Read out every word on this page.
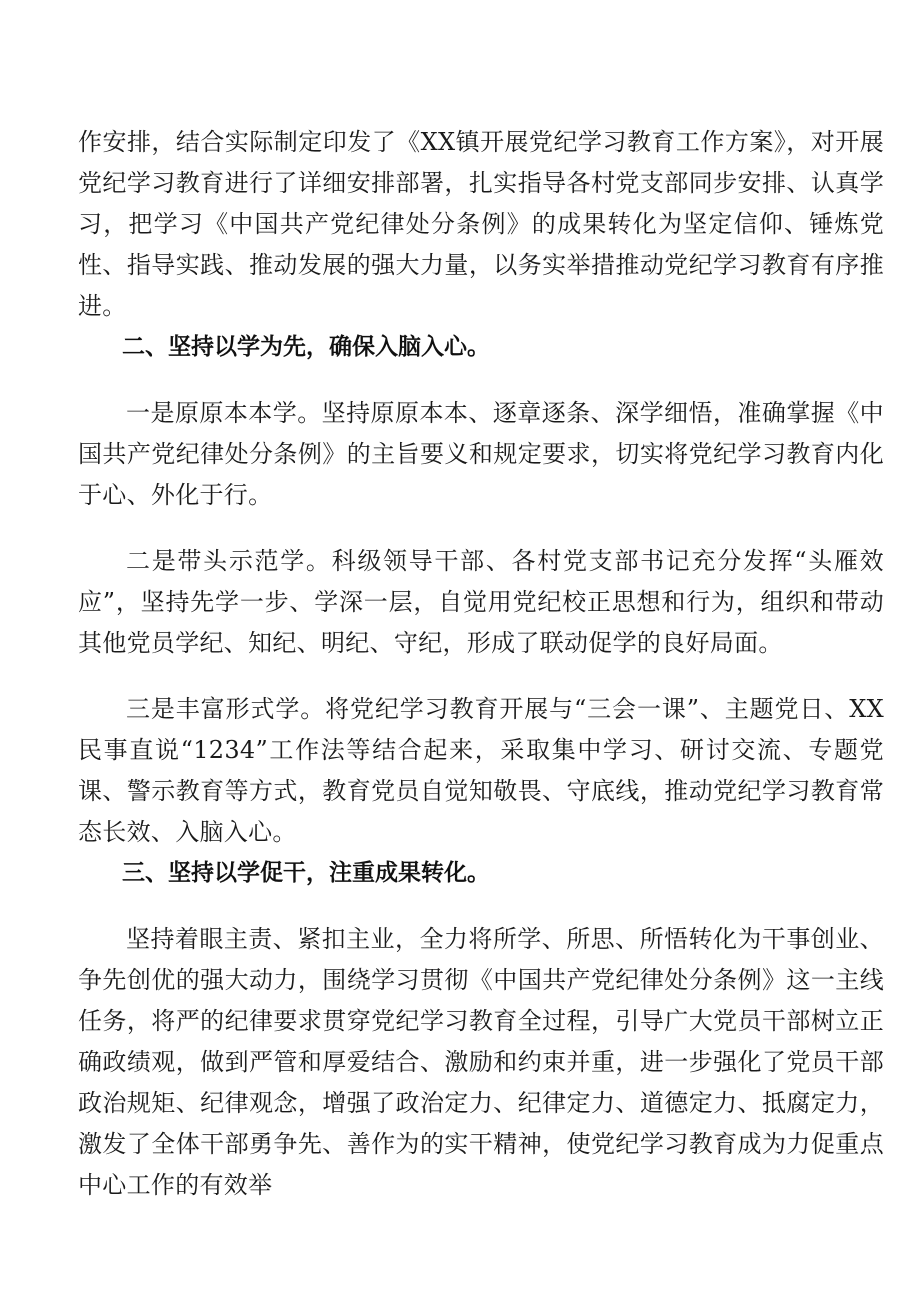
作安排，结合实际制定印发了《XX镇开展党纪学习教育工作方案》，对开展党纪学习教育进行了详细安排部署，扎实指导各村党支部同步安排、认真学习，把学习《中国共产党纪律处分条例》的成果转化为坚定信仰、锤炼党性、指导实践、推动发展的强大力量，以务实举措推动党纪学习教育有序推进。

二、坚持以学为先，确保入脑入心。

一是原原本本学。坚持原原本本、逐章逐条、深学细悟，准确掌握《中国共产党纪律处分条例》的主旨要义和规定要求，切实将党纪学习教育内化于心、外化于行。

二是带头示范学。科级领导干部、各村党支部书记充分发挥“头雁效应”，坚持先学一步、学深一层，自觉用党纪校正思想和行为，组织和带动其他党员学纪、知纪、明纪、守纪，形成了联动促学的良好局面。

三是丰富形式学。将党纪学习教育开展与“三会一课”、主题党日、XX民事直说“1234”工作法等结合起来，采取集中学习、研讨交流、专题党课、警示教育等方式，教育党员自觉知敬畏、守底线，推动党纪学习教育常态长效、入脑入心。

三、坚持以学促干，注重成果转化。

坚持着眼主责、紧扣主业，全力将所学、所思、所悟转化为干事创业、争先创优的强大动力，围绕学习贯彻《中国共产党纪律处分条例》这一主线任务，将严的纪律要求贯穿党纪学习教育全过程，引导广大党员干部树立正确政绩观，做到严管和厚爱结合、激励和约束并重，进一步强化了党员干部政治规矩、纪律观念，增强了政治定力、纪律定力、道德定力、抵腐定力，激发了全体干部勇争先、善作为的实干精神，使党纪学习教育成为力促重点中心工作的有效举
